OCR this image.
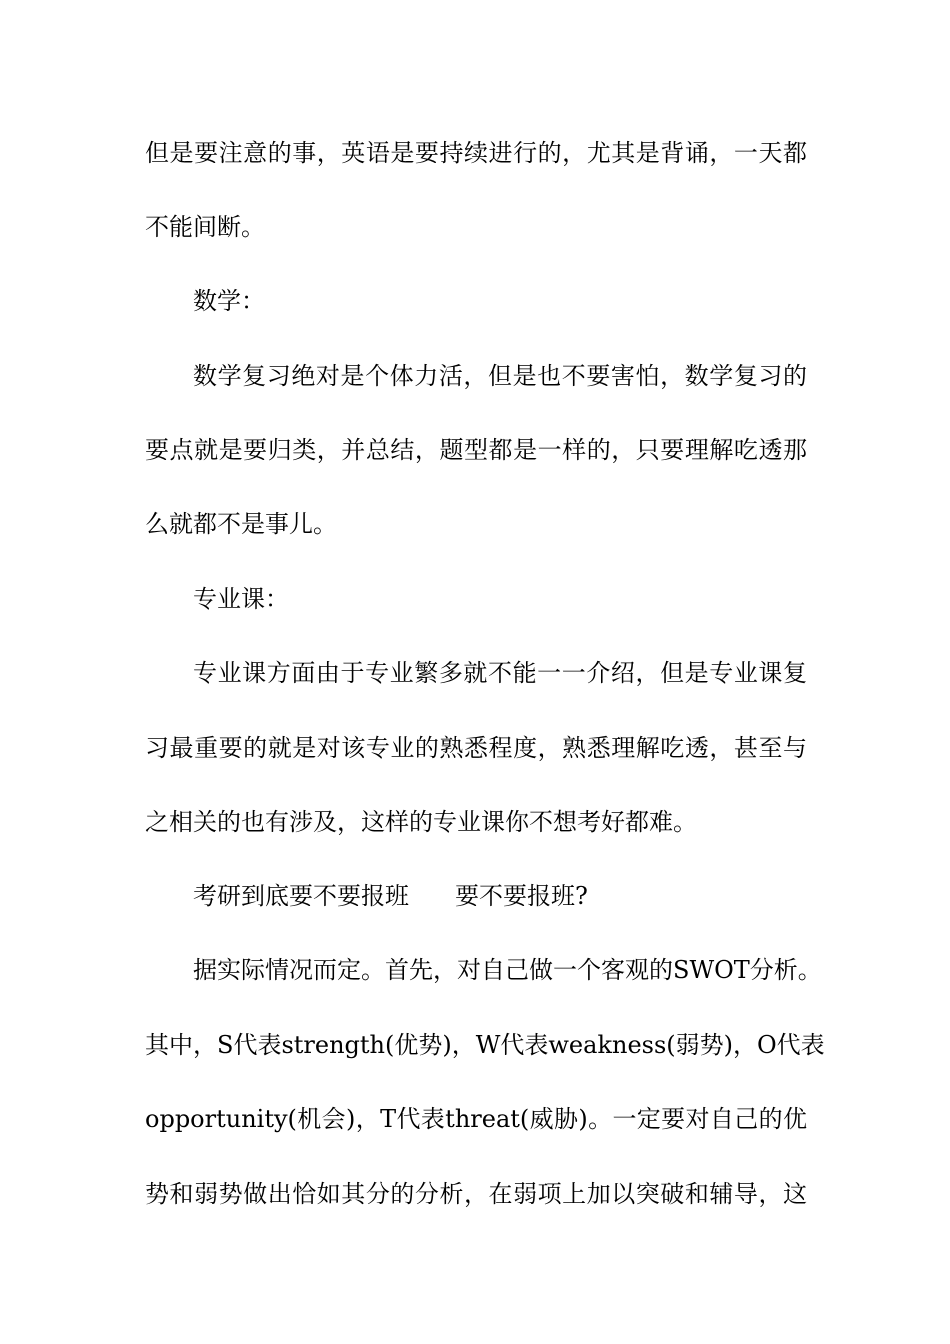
但是要注意的事，英语是要持续进行的，尤其是背诵，一天都

不能间断。

数学：

数学复习绝对是个体力活，但是也不要害怕，数学复习的

要点就是要归类，并总结，题型都是一样的，只要理解吃透那

么就都不是事儿。

专业课：

专业课方面由于专业繁多就不能一一介绍，但是专业课复

习最重要的就是对该专业的熟悉程度，熟悉理解吃透，甚至与

之相关的也有涉及，这样的专业课你不想考好都难。

考研到底要不要报班 要不要报班?

据实际情况而定。首先，对自己做一个客观的SWOT分析。

其中，S代表strength(优势)，W代表weakness(弱势)，O代表

opportunity(机会)，T代表threat(威胁)。一定要对自己的优

势和弱势做出恰如其分的分析，在弱项上加以突破和辅导，这
